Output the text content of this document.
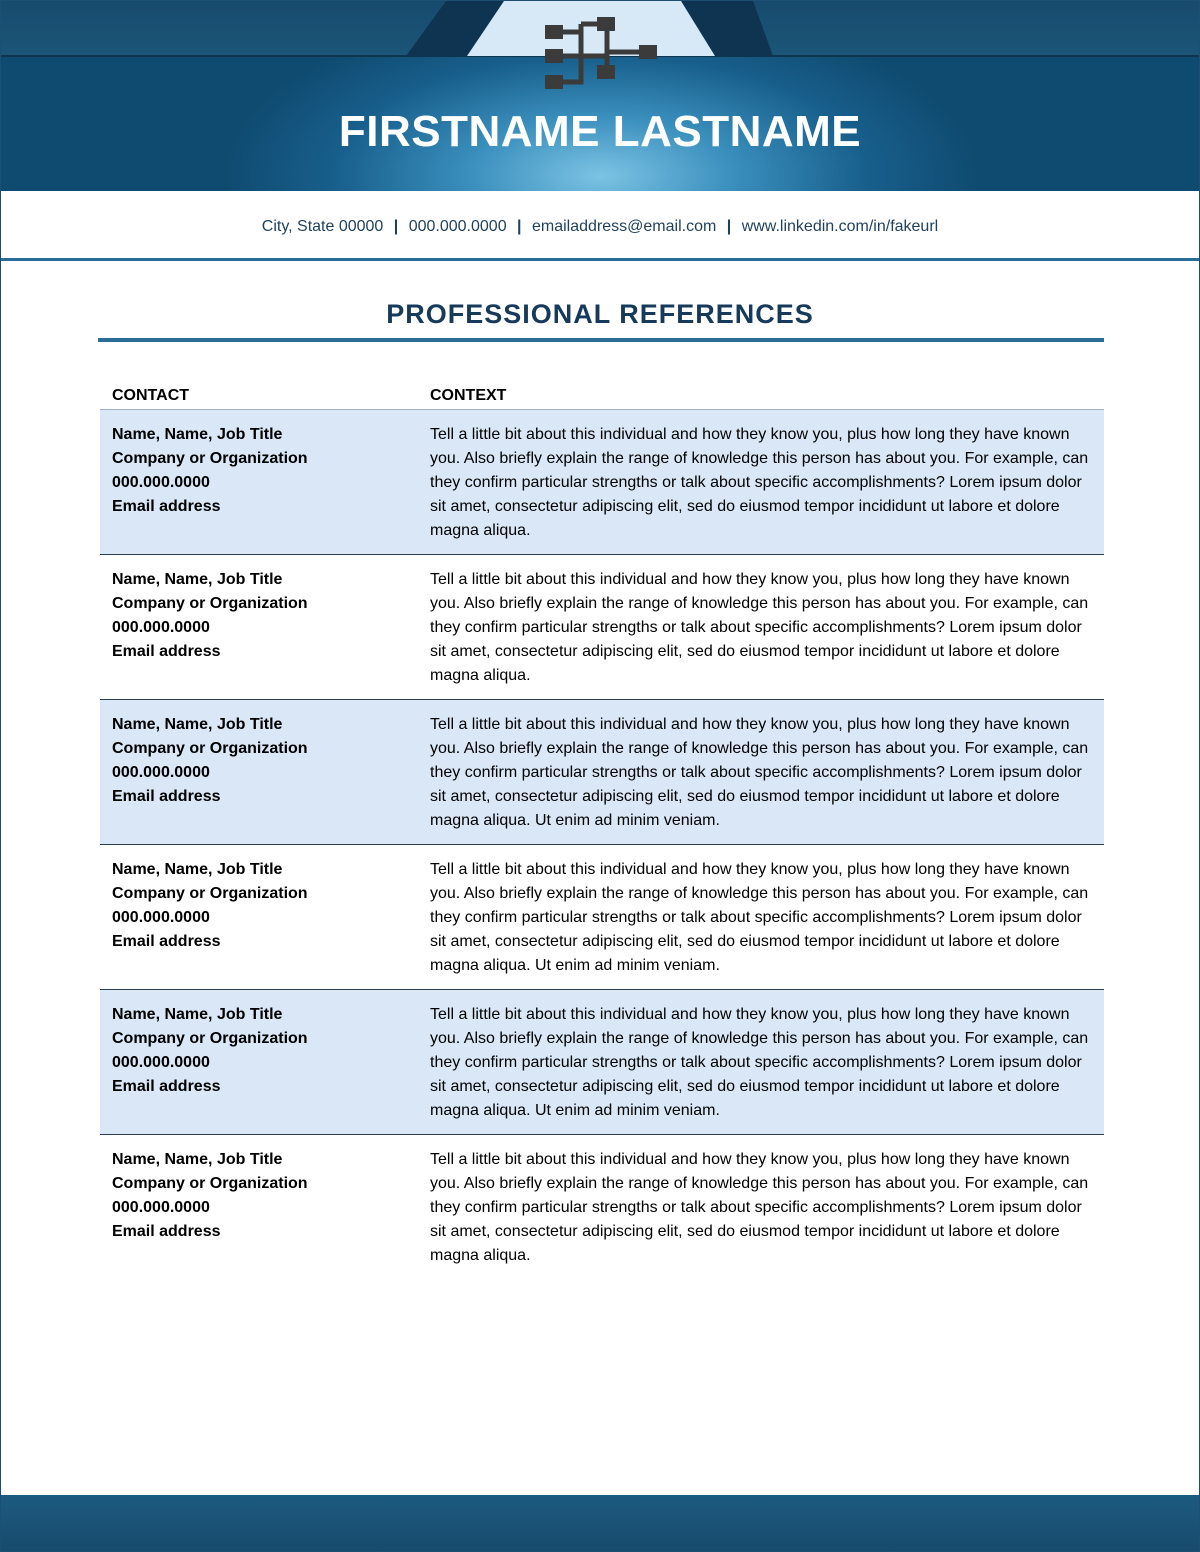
FIRSTNAME LASTNAME
City, State 00000 | 000.000.0000 | emailaddress@email.com | www.linkedin.com/in/fakeurl
PROFESSIONAL REFERENCES
CONTACT	CONTEXT
Name, Name, Job Title
Company or Organization
000.000.0000
Email address
Tell a little bit about this individual and how they know you, plus how long they have known you. Also briefly explain the range of knowledge this person has about you. For example, can they confirm particular strengths or talk about specific accomplishments? Lorem ipsum dolor sit amet, consectetur adipiscing elit, sed do eiusmod tempor incididunt ut labore et dolore magna aliqua.
Name, Name, Job Title
Company or Organization
000.000.0000
Email address
Tell a little bit about this individual and how they know you, plus how long they have known you. Also briefly explain the range of knowledge this person has about you. For example, can they confirm particular strengths or talk about specific accomplishments? Lorem ipsum dolor sit amet, consectetur adipiscing elit, sed do eiusmod tempor incididunt ut labore et dolore magna aliqua.
Name, Name, Job Title
Company or Organization
000.000.0000
Email address
Tell a little bit about this individual and how they know you, plus how long they have known you. Also briefly explain the range of knowledge this person has about you. For example, can they confirm particular strengths or talk about specific accomplishments? Lorem ipsum dolor sit amet, consectetur adipiscing elit, sed do eiusmod tempor incididunt ut labore et dolore magna aliqua. Ut enim ad minim veniam.
Name, Name, Job Title
Company or Organization
000.000.0000
Email address
Tell a little bit about this individual and how they know you, plus how long they have known you. Also briefly explain the range of knowledge this person has about you. For example, can they confirm particular strengths or talk about specific accomplishments? Lorem ipsum dolor sit amet, consectetur adipiscing elit, sed do eiusmod tempor incididunt ut labore et dolore magna aliqua. Ut enim ad minim veniam.
Name, Name, Job Title
Company or Organization
000.000.0000
Email address
Tell a little bit about this individual and how they know you, plus how long they have known you. Also briefly explain the range of knowledge this person has about you. For example, can they confirm particular strengths or talk about specific accomplishments? Lorem ipsum dolor sit amet, consectetur adipiscing elit, sed do eiusmod tempor incididunt ut labore et dolore magna aliqua. Ut enim ad minim veniam.
Name, Name, Job Title
Company or Organization
000.000.0000
Email address
Tell a little bit about this individual and how they know you, plus how long they have known you. Also briefly explain the range of knowledge this person has about you. For example, can they confirm particular strengths or talk about specific accomplishments? Lorem ipsum dolor sit amet, consectetur adipiscing elit, sed do eiusmod tempor incididunt ut labore et dolore magna aliqua.
